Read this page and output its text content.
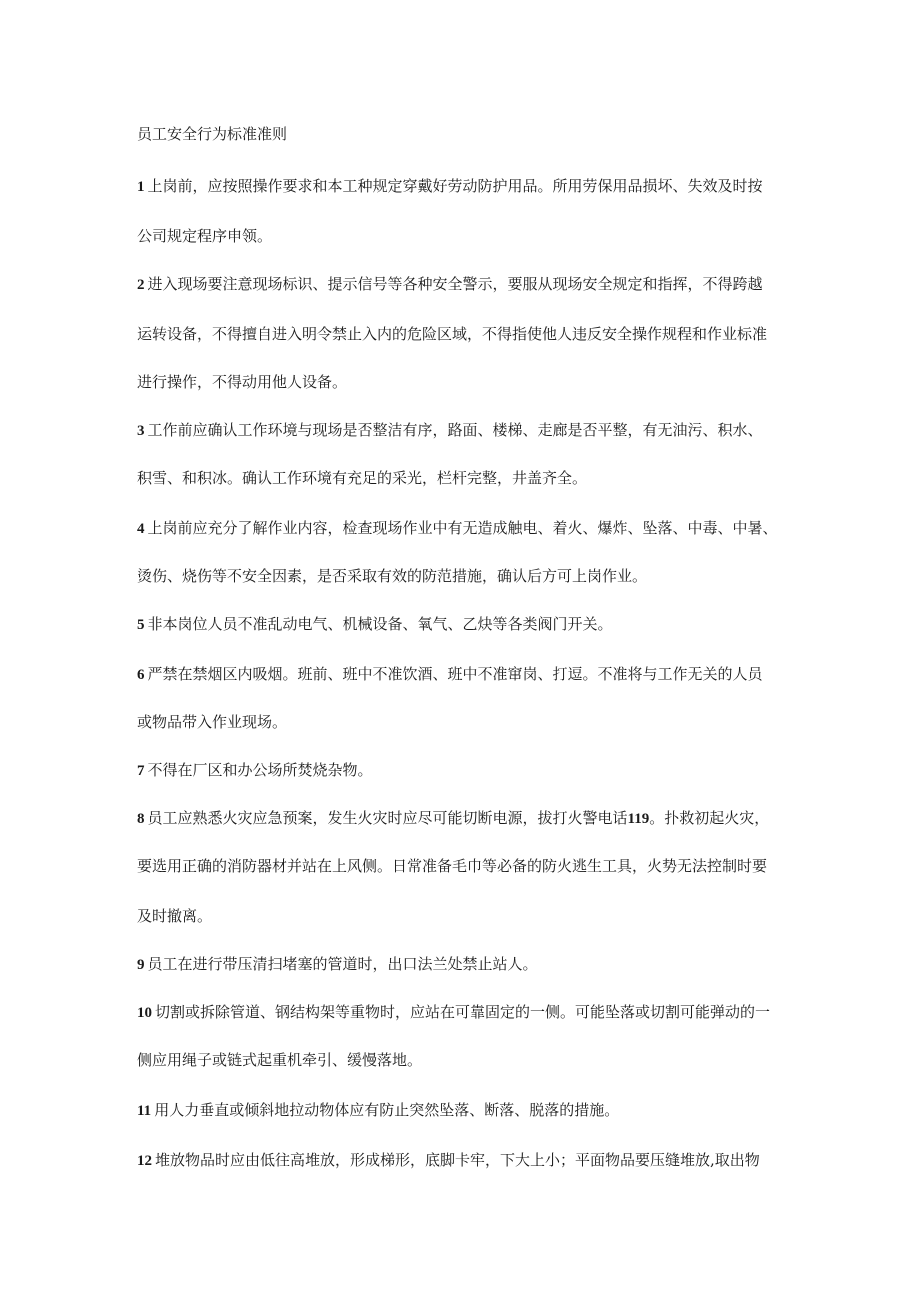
员工安全行为标准准则

1 上岗前，应按照操作要求和本工种规定穿戴好劳动防护用品。所用劳保用品损坏、失效及时按

公司规定程序申领。

2 进入现场要注意现场标识、提示信号等各种安全警示，要服从现场安全规定和指挥，不得跨越

运转设备，不得擅自进入明令禁止入内的危险区域，不得指使他人违反安全操作规程和作业标准

进行操作，不得动用他人设备。

3 工作前应确认工作环境与现场是否整洁有序，路面、楼梯、走廊是否平整，有无油污、积水、

积雪、和积冰。确认工作环境有充足的采光，栏杆完整，井盖齐全。

4 上岗前应充分了解作业内容，检查现场作业中有无造成触电、着火、爆炸、坠落、中毒、中暑、

烫伤、烧伤等不安全因素，是否采取有效的防范措施，确认后方可上岗作业。

5 非本岗位人员不准乱动电气、机械设备、氧气、乙炔等各类阀门开关。

6 严禁在禁烟区内吸烟。班前、班中不准饮酒、班中不准窜岗、打逗。不准将与工作无关的人员

或物品带入作业现场。

7 不得在厂区和办公场所焚烧杂物。

8 员工应熟悉火灾应急预案，发生火灾时应尽可能切断电源，拔打火警电话119。扑救初起火灾，

要选用正确的消防器材并站在上风侧。日常准备毛巾等必备的防火逃生工具，火势无法控制时要

及时撤离。

9 员工在进行带压清扫堵塞的管道时，出口法兰处禁止站人。

10 切割或拆除管道、钢结构架等重物时，应站在可靠固定的一侧。可能坠落或切割可能弹动的一

侧应用绳子或链式起重机牵引、缓慢落地。

11 用人力垂直或倾斜地拉动物体应有防止突然坠落、断落、脱落的措施。

12 堆放物品时应由低往高堆放，形成梯形，底脚卡牢，下大上小；平面物品要压缝堆放,取出物
